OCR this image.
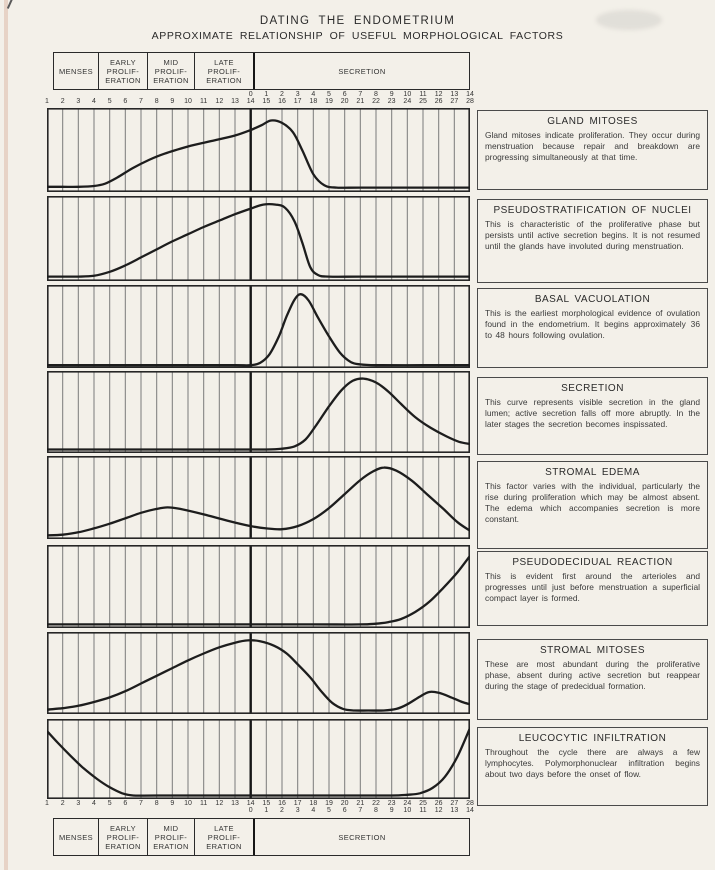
DATING THE ENDOMETRIUM
APPROXIMATE RELATIONSHIP OF USEFUL MORPHOLOGICAL FACTORS
MENSES
EARLY
PROLIF-
ERATION
MID
PROLIF-
ERATION
LATE
PROLIF-
ERATION
SECRETION
1 2 3 4 5 6 7 8 9 10 11 12 13
0
14
1
15
2
16
3
17
4
18
5
19
6
20
7
21
8
22
9
23
10
24
11
25
12
26
13
27
14
28
1 2 3 4 5 6 7 8 9 10 11 12 13 14
0
15
1
16
2
17
3
18
4
19
5
20
6
21
7
22
8
23
9
24
10
25
11
26
12
27
13
28
14
MENSES
EARLY
PROLIF-
ERATION
MID
PROLIF-
ERATION
LATE
PROLIF-
ERATION
SECRETION
GLAND MITOSES
Gland mitoses indicate proliferation. They occur during menstruation because repair and breakdown are progressing simultaneously at that time.
PSEUDOSTRATIFICATION OF NUCLEI
This is characteristic of the proliferative phase but persists until active secretion begins. It is not resumed until the glands have involuted during menstruation.
BASAL VACUOLATION
This is the earliest morphological evidence of ovulation found in the endometrium. It begins approximately 36 to 48 hours following ovulation.
SECRETION
This curve represents visible secretion in the gland lumen; active secretion falls off more abruptly. In the later stages the secretion becomes inspissated.
STROMAL EDEMA
This factor varies with the individual, particularly the rise during proliferation which may be almost absent. The edema which accompanies secretion is more constant.
PSEUDODECIDUAL REACTION
This is evident first around the arterioles and progresses until just before menstruation a superficial compact layer is formed.
STROMAL MITOSES
These are most abundant during the proliferative phase, absent during active secretion but reappear during the stage of predecidual formation.
LEUCOCYTIC INFILTRATION
Throughout the cycle there are always a few lymphocytes. Polymorphonuclear infiltration begins about two days before the onset of flow.
